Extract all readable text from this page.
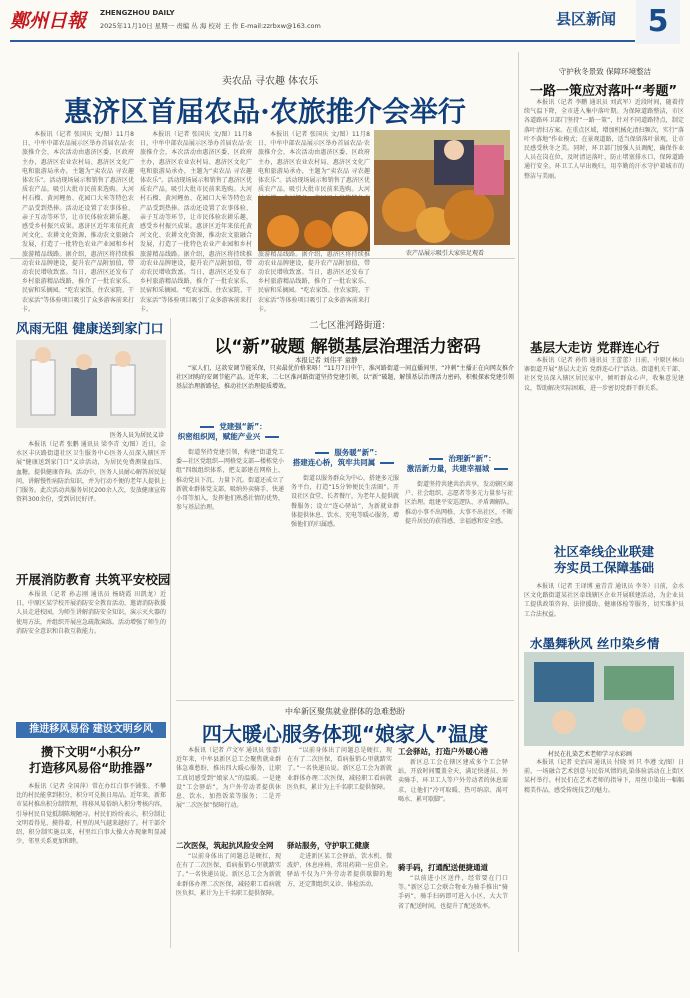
鄭州日報 ZHENGZHOU DAILY
2025年11月10日 星期一 责编 丛 海 校对 王 作 E-mail:zzrbxw@163.com	县区新闻	5
卖农品 寻农趣 体农乐
惠济区首届农品·农旅推介会举行

本报讯（记者 张国庆 文/图）11月8日，中牟中部农品展示区举办首届农品·农旅推介会，本次活动由惠济区委、区政府主办，惠济区农业农村局、惠济区文化广电和旅游局承办，主题为“卖农品 寻农趣 体农乐”。活动现场展示和销售了惠济区优质农产品，吸引大批市民前来选购。大河村石榴、黄河鲤鱼、花园口大米等特色农产品受到热捧。活动还设置了农事体验、亲子互动等环节，让市民体验农耕乐趣，感受乡村振兴成果。惠济区近年来依托黄河文化、农耕文化资源，推动农文旅融合发展，打造了一批特色农业产业园和乡村旅游精品线路。据介绍，惠济区将持续推动农业品牌建设，提升农产品附加值，带动农民增收致富。当日，惠济区还发布了乡村旅游精品线路，推介了一批农家乐、民宿和采摘园。“吃农家饭、住农家院、干农家活”等体验项目吸引了众多游客前来打卡。

本报讯（记者 张国庆 文/图）11月8日，中牟中部农品展示区举办首届农品·农旅推介会，本次活动由惠济区委、区政府主办，惠济区农业农村局、惠济区文化广电和旅游局承办，主题为“卖农品 寻农趣 体农乐”。活动现场展示和销售了惠济区优质农产品，吸引大批市民前来选购。大河村石榴、黄河鲤鱼、花园口大米等特色农产品受到热捧。活动还设置了农事体验、亲子互动等环节，让市民体验农耕乐趣，感受乡村振兴成果。惠济区近年来依托黄河文化、农耕文化资源，推动农文旅融合发展，打造了一批特色农业产业园和乡村旅游精品线路。据介绍，惠济区将持续推动农业品牌建设，提升农产品附加值，带动农民增收致富。当日，惠济区还发布了乡村旅游精品线路，推介了一批农家乐、民宿和采摘园。“吃农家饭、住农家院、干农家活”等体验项目吸引了众多游客前来打卡。

本报讯（记者 张国庆 文/图）11月8日，中牟中部农品展示区举办首届农品·农旅推介会，本次活动由惠济区委、区政府主办，惠济区农业农村局、惠济区文化广电和旅游局承办，主题为“卖农品 寻农趣 体农乐”。活动现场展示和销售了惠济区优质农产品，吸引大批市民前来选购。大河 旅游精品线路。据介绍，惠济区将持续推动农业品牌建设，提升农产品附加值，带动农民增收致富。当日，惠济区还发布了乡村旅游精品线路，推介了一批农家乐、民宿和采摘园。“吃农家饭、住农家院、干农家活”等体验项目吸引了众多游客前来打卡。

农产品展示吸引大家驻足观看
守护秋冬景致 保障环境整洁
一路一策应对落叶“考题”

本报讯（记者 李鹏 通讯员 刘武军）近段时间，随着持续气温下降，全市进入集中落叶期。为保障道路整洁，市区各道路环卫部门坚持“一路一策”，针对不同道路特点，制定落叶清扫方案。在重点区域，增加机械化清扫频次，实行“落叶不落地”作业模式；在景观道路，适当保留落叶景观，让市民感受秋冬之美。同时，环卫部门加强人员调配，确保作业人员在岗在位，及时清运落叶，防止堵塞排水口，保障道路通行安全。环卫工人早出晚归，用辛勤的汗水守护着城市的整洁与美丽。

风雨无阻 健康送到家门口
医务人员为居民义诊

本报讯（记者 张鹏 通讯员 梁李青 文/图）近日，金水区丰庆路街道社区卫生服务中心医务人员深入辖区开展“健康送到家门口”义诊活动，为居民免费测量血压、血糖，提供健康咨询。活动中，医务人员耐心解答居民疑问，讲解慢性病防治知识，并为行动不便的老年人提供上门服务。此次活动共服务居民200余人次，发放健康宣传资料300余份，受到居民好评。

开展消防教育 共筑平安校园

本报讯（记者 孙志刚 通讯员 杨晓霞 田凯龙）近日，中原区某学校开展消防安全教育活动，邀请消防救援人员走进校园，为师生讲解消防安全知识，演示灭火器的使用方法，并组织开展应急疏散演练。活动增强了师生的消防安全意识和自救互救能力。

推进移风易俗 建设文明乡风
攒下文明“小积分”
打造移风易俗“助推器”

本报讯（记者 全国萍）常在办红白事不铺张、不攀比的村民能拿到积分，积分可兑换日用品。近年来，新郑市某村推出积分制管理，将移风易俗纳入积分考核内容，引导村民自觉抵制陈规陋习。村民们纷纷表示，积分制让文明看得见、摸得着，村里的风气越来越好了。村干部介绍，积分制实施以来，村里红白事大操大办现象明显减少，邻里关系更加和睦。

二七区淮河路街道：
以“新”破题 解锁基层治理活力密码
本报记者 刘伟平 童静

“家人们，这款安调节能采保，只卖最优价格来咯！”11月7日中午，淮河路街道一间直播间里，“冲刺”主播正在向网友推介社区团购的安调节能产品。近年来，二七区淮河路街道坚持党建引领，以“新”破题，解锁基层治理活力密码，积极探索党建引领基层治理新路径，推动社区治理提质增效。

党建强“新”：
织密组织网，赋能产业兴

街道坚持党建引领，构建“街道党工委—社区党组织—网格党支部—楼栋党小组”四级组织体系，把支部建在网格上，推动党员下沉、力量下沉。街道还成立了新就业群体党支部，吸纳外卖骑手、快递小哥等加入，发挥他们熟悉社情的优势，参与基层治理。

服务暖“新”：
搭建连心桥，筑牢共同属

街道以服务群众为中心，搭建多元服务平台，打造“15分钟便民生活圈”。开设社区食堂、长者餐厅，为老年人提供就餐服务；设立“连心驿站”，为新就业群体提供休息、饮水、充电等暖心服务，增强他们的归属感。

治理新“新”：
激活新力量，共建幸福城

街道坚持共建共治共享，发动辖区商户、社会组织、志愿者等多元力量参与社区治理。组建平安巡逻队、矛盾调解队，推动小事不出网格、大事不出社区，不断提升居民的获得感、幸福感和安全感。

基层大走访 党群连心行

本报讯（记者 孙伟 通讯员 王蕾蕾）日前，中原区林山寨街道开展“基层大走访 党群连心行”活动。街道机关干部、社区党员深入辖区居民家中，倾听群众心声，收集意见建议，帮助解决实际困难，进一步密切党群干群关系。

社区牵线企业联建
夯实员工保障基础

本报讯（记者 王译博 童青青 通讯员 李冬）日前，金水区文化路街道某社区牵线辖区企业开展联建活动，为企业员工提供政策咨询、法律援助、健康体检等服务，切实维护员工合法权益。

水墨舞秋风 丝巾染乡情
村民在扎染艺术老师学习水彩画

本报讯（记者 史治国 通讯员 付晓 刘 只 李遵 文/图）日前，一场融合艺术创意与民俗风情的扎染体验活动在上街区某村举行。村民们在艺术老师的指导下，用丝巾染出一幅幅精美作品，感受传统技艺的魅力。

中牟新区聚焦就业群体的急难愁盼
四大暖心服务体现“娘家人”温度

本报讯（记者 卢文军 通讯员 张蕾）近年来，中牟县新区总工会聚焦就业群体急难愁盼，推出四大暖心服务，让职工真切感受到“娘家人”的温暖。一是建设“工会驿站”，为户外劳动者提供休息、饮水、加热饭菜等服务；二是开展“二次医保”保障行动。

二次医保，筑起抗风险安全网

“以前身体出了问题总是硬扛，现在有了二次医保，看病报销心里就踏实了。”一名快递员说。新区总工会为新就业群体办理二次医保，减轻职工看病就医负担，累计为上千名职工提供保障。

“以前身体出了问题总是硬扛，现在有了二次医保，看病报销心里就踏实了。”一名快递员说。新区总工会为新就业群体办理二次医保，减轻职工看病就医负担，累计为上千名职工提供保障。

驿站服务，守护职工健康

走进新区某工会驿站，饮水机、微波炉、休息座椅、常用药箱一应俱全。驿站不仅为户外劳动者提供歇脚的地方，还定期组织义诊、体检活动。

工会驿站，打造户外暖心港

新区总工会在辖区建成多个工会驿站，开放时间覆盖全天，满足快递员、外卖骑手、环卫工人等户外劳动者的休息需求，让他们“冷可取暖、热可纳凉、渴可喝水、累可歇脚”。

骑手码，打通配送便捷通道

“以前进小区送件，经常要在门口等。”新区总工会联合物业为骑手推出“骑手码”，骑手扫码即可进入小区，大大节省了配送时间，也提升了配送效率。
